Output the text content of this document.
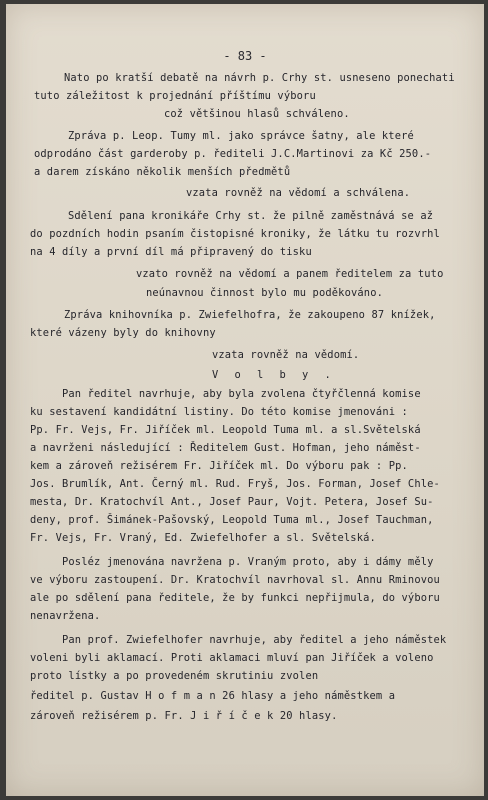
- 83 -
Nato po kratší debatě na návrh p. Crhy st. usneseno ponechati
tuto záležitost k projednání příštímu výboru
což většinou hlasů schváleno.
Zpráva p. Leop. Tumy ml. jako správce šatny, ale které
odprodáno část garderoby p. řediteli J.C.Martinovi za Kč 250.-
a darem získáno několik menších předmětů
vzata rovněž na vědomí a schválena.
Sdělení pana kronikáře Crhy st. že pilně zaměstnává se až
do pozdních hodin psaním čistopisné kroniky, že látku tu rozvrhl
na 4 díly a první díl má připravený do tisku
vzato rovněž na vědomí a panem ředitelem za tuto
neúnavnou činnost bylo mu poděkováno.
Zpráva knihovníka p. Zwiefelhofra, že zakoupeno 87 knížek,
které vázeny byly do knihovny
vzata rovněž na vědomí.
V o l b y .
Pan ředitel navrhuje, aby byla zvolena čtyřčlenná komise
ku sestavení kandidátní listiny. Do této komise jmenováni :
Pp. Fr. Vejs, Fr. Jiříček ml. Leopold Tuma ml. a sl.Světelská
a navrženi následující : Ředitelem Gust. Hofman, jeho náměst-
kem a zároveň režisérem Fr. Jiříček ml. Do výboru pak : Pp.
Jos. Brumlík, Ant. Černý ml. Rud. Fryš, Jos. Forman, Josef Chle-
mesta, Dr. Kratochvíl Ant., Josef Paur, Vojt. Petera, Josef Su-
deny, prof. Šimánek-Pašovský, Leopold Tuma ml., Josef Tauchman,
Fr. Vejs, Fr. Vraný, Ed. Zwiefelhofer a sl. Světelská.
Posléz jmenována navržena p. Vraným proto, aby i dámy měly
ve výboru zastoupení. Dr. Kratochvíl navrhoval sl. Annu Rminovou
ale po sdělení pana ředitele, že by funkci nepřijmula, do výboru
nenavržena.
Pan prof. Zwiefelhofer navrhuje, aby ředitel a jeho náměstek
voleni byli aklamací. Proti aklamaci mluví pan Jiříček a voleno
proto lístky a po provedeném skrutiniu zvolen
ředitel p. Gustav H o f m a n 26 hlasy a jeho náměstkem a
zároveň režisérem p. Fr. J i ř í č e k 20 hlasy.
